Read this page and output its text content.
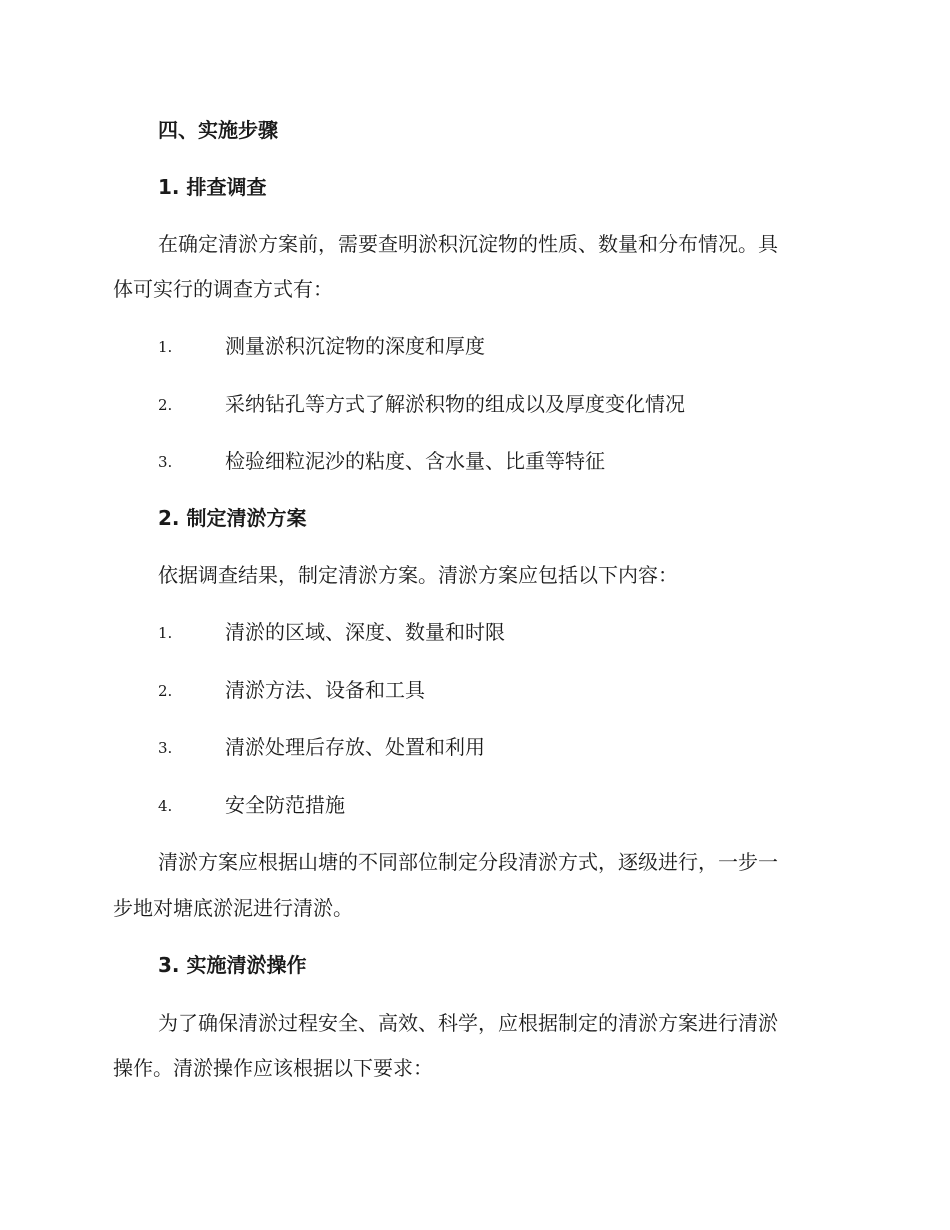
四、实施步骤
1. 排查调查
在确定清淤方案前，需要查明淤积沉淀物的性质、数量和分布情况。具
体可实行的调查方式有：
1.	测量淤积沉淀物的深度和厚度
2.	采纳钻孔等方式了解淤积物的组成以及厚度变化情况
3.	检验细粒泥沙的粘度、含水量、比重等特征
2. 制定清淤方案
依据调查结果，制定清淤方案。清淤方案应包括以下内容：
1.	清淤的区域、深度、数量和时限
2.	清淤方法、设备和工具
3.	清淤处理后存放、处置和利用
4.	安全防范措施
清淤方案应根据山塘的不同部位制定分段清淤方式，逐级进行，一步一
步地对塘底淤泥进行清淤。
3. 实施清淤操作
为了确保清淤过程安全、高效、科学，应根据制定的清淤方案进行清淤
操作。清淤操作应该根据以下要求：
